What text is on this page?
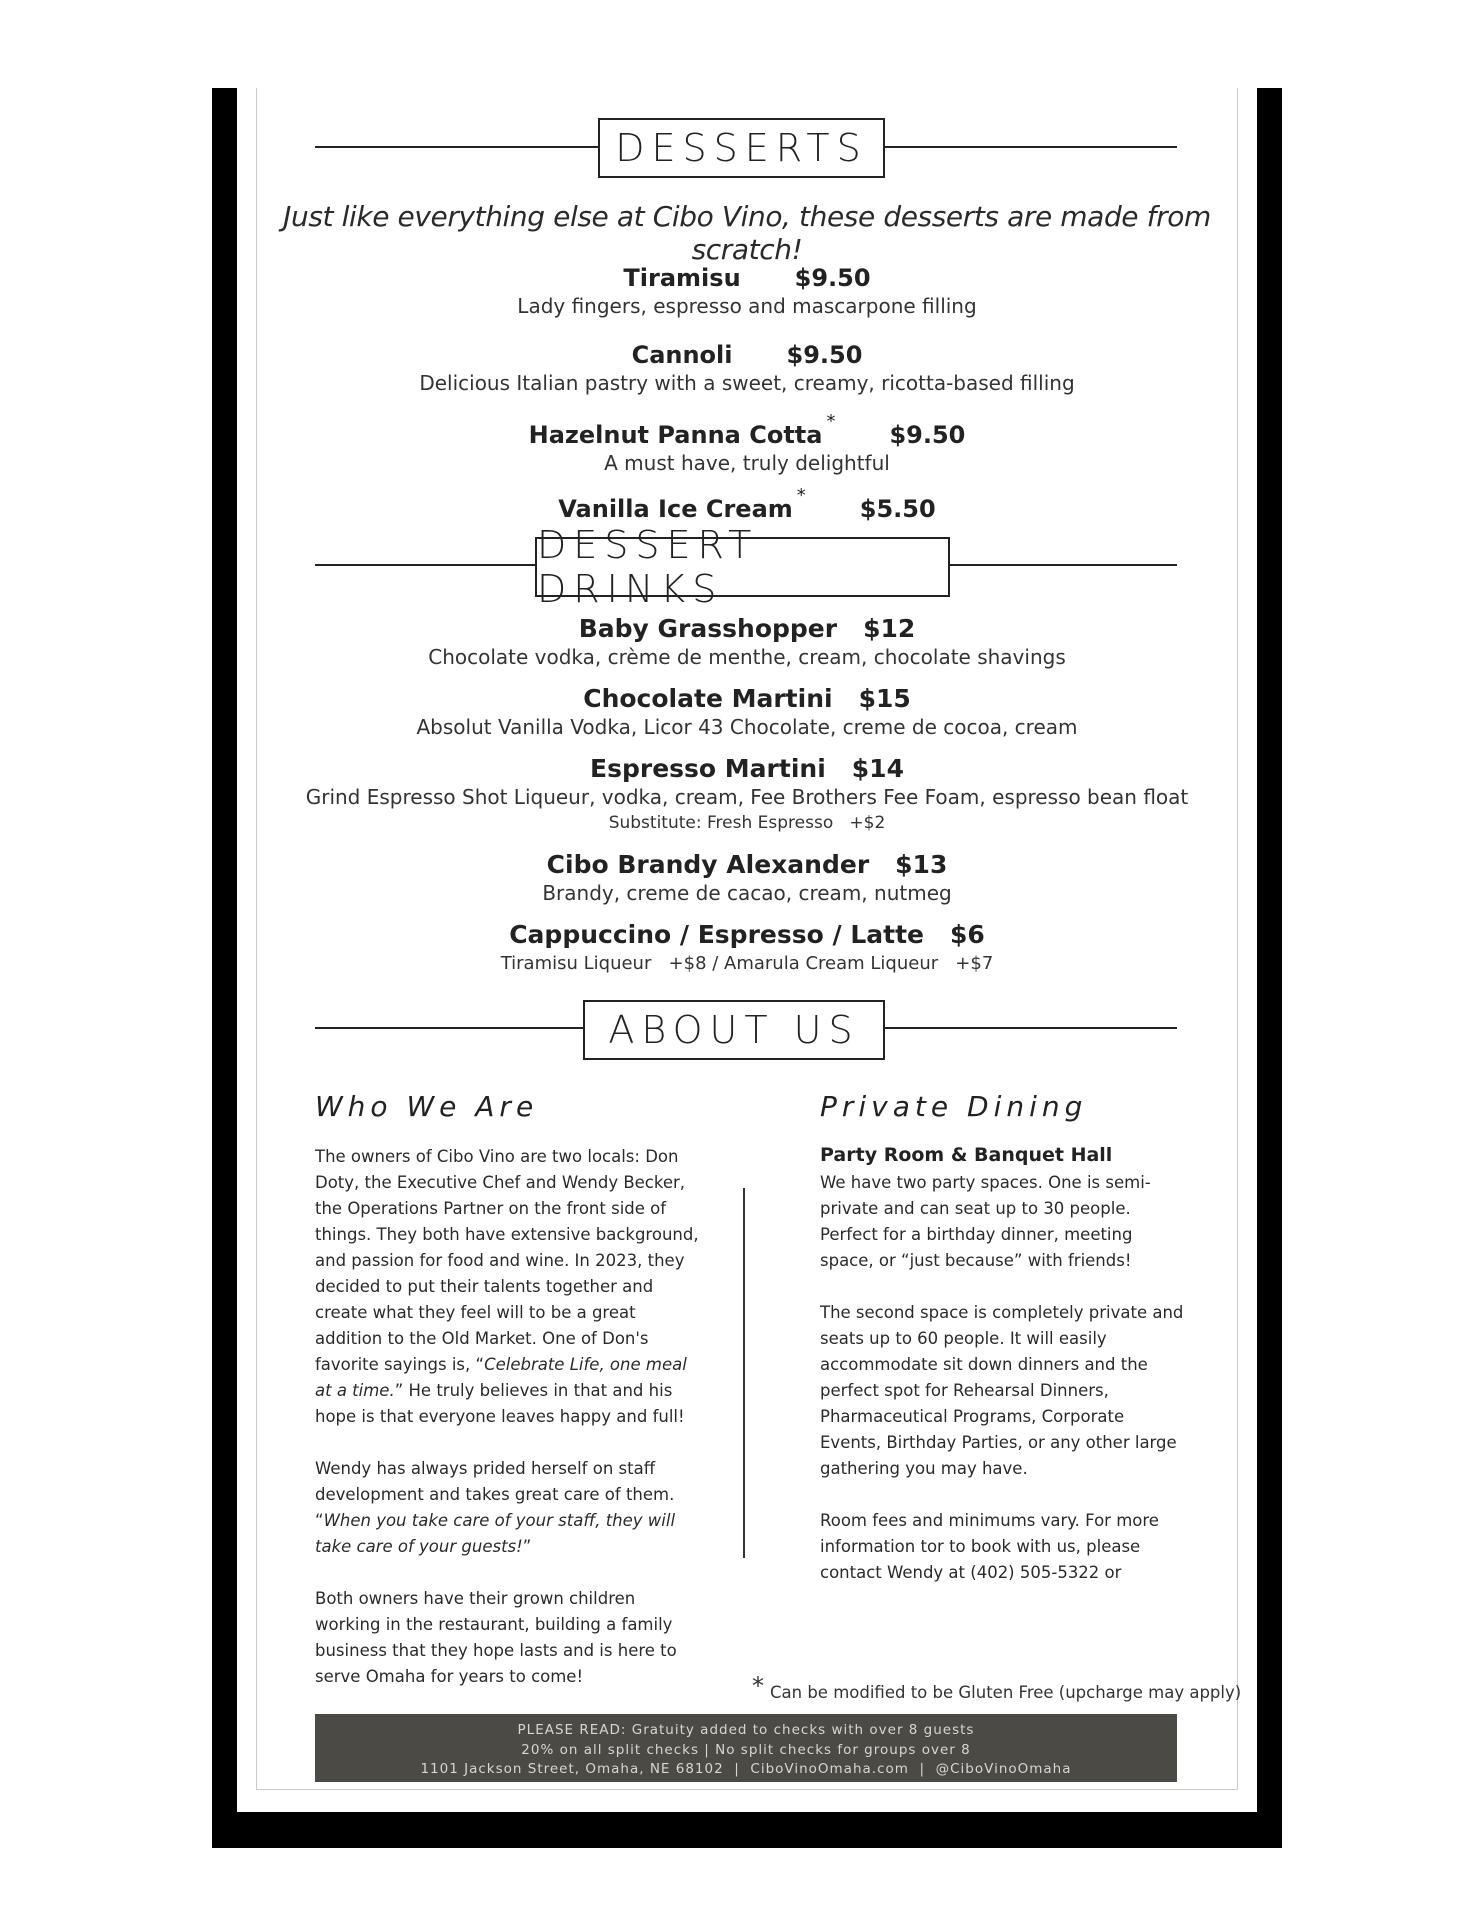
DESSERTS
Just like everything else at Cibo Vino, these desserts are made from scratch!
Tiramisu $9.50
Lady fingers, espresso and mascarpone filling
Cannoli $9.50
Delicious Italian pastry with a sweet, creamy, ricotta-based filling
Hazelnut Panna Cotta * $9.50
A must have, truly delightful
Vanilla Ice Cream * $5.50
DESSERT DRINKS
Baby Grasshopper $12
Chocolate vodka, crème de menthe, cream, chocolate shavings
Chocolate Martini $15
Absolut Vanilla Vodka, Licor 43 Chocolate, creme de cocoa, cream
Espresso Martini $14
Grind Espresso Shot Liqueur, vodka, cream, Fee Brothers Fee Foam, espresso bean float
Substitute: Fresh Espresso   +$2
Cibo Brandy Alexander $13
Brandy, creme de cacao, cream, nutmeg
Cappuccino / Espresso / Latte $6
Tiramisu Liqueur   +$8 / Amarula Cream Liqueur   +$7
ABOUT US
Who We Are

The owners of Cibo Vino are two locals: Don Doty, the Executive Chef and Wendy Becker, the Operations Partner on the front side of things. They both have extensive background, and passion for food and wine. In 2023, they decided to put their talents together and create what they feel will to be a great addition to the Old Market. One of Don's favorite sayings is, “Celebrate Life, one meal at a time.” He truly believes in that and his hope is that everyone leaves happy and full!

Wendy has always prided herself on staff development and takes great care of them. “When you take care of your staff, they will take care of your guests!”

Both owners have their grown children working in the restaurant, building a family business that they hope lasts and is here to serve Omaha for years to come!

Private Dining
Party Room & Banquet Hall

We have two party spaces. One is semi-private and can seat up to 30 people. Perfect for a birthday dinner, meeting space, or “just because” with friends!

The second space is completely private and seats up to 60 people. It will easily accommodate sit down dinners and the perfect spot for Rehearsal Dinners, Pharmaceutical Programs, Corporate Events, Birthday Parties, or any other large gathering you may have.

Room fees and minimums vary. For more information tor to book with us, please contact Wendy at (402) 505-5322 or

* Can be modified to be Gluten Free (upcharge may apply)
PLEASE READ: Gratuity added to checks with over 8 guests
20% on all split checks | No split checks for groups over 8
1101 Jackson Street, Omaha, NE 68102  |  CiboVinoOmaha.com  |  @CiboVinoOmaha
